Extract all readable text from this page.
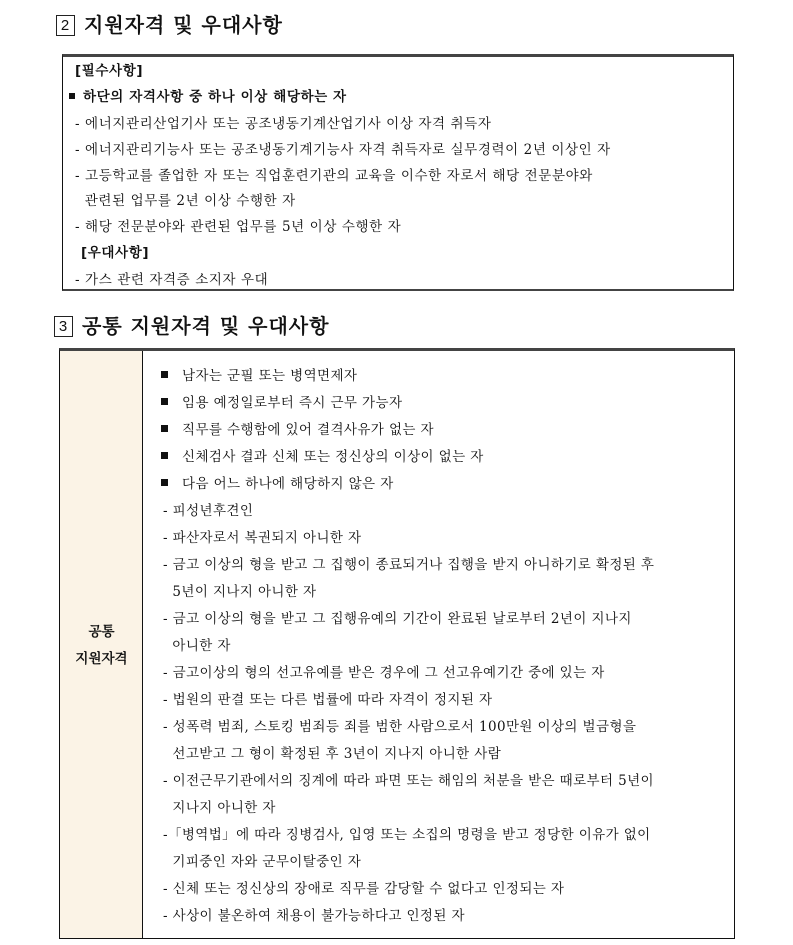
2 지원자격 및 우대사항
[필수사항]
하단의 자격사항 중 하나 이상 해당하는 자
- 에너지관리산업기사 또는 공조냉동기계산업기사 이상 자격 취득자
- 에너지관리기능사 또는 공조냉동기계기능사 자격 취득자로 실무경력이 2년 이상인 자
- 고등학교를 졸업한 자 또는 직업훈련기관의 교육을 이수한 자로서 해당 전문분야와
관련된 업무를 2년 이상 수행한 자
- 해당 전문분야와 관련된 업무를 5년 이상 수행한 자
[우대사항]
- 가스 관련 자격증 소지자 우대
3 공통 지원자격 및 우대사항
공통
지원자격
남자는 군필 또는 병역면제자
임용 예정일로부터 즉시 근무 가능자
직무를 수행함에 있어 결격사유가 없는 자
신체검사 결과 신체 또는 정신상의 이상이 없는 자
다음 어느 하나에 해당하지 않은 자
- 피성년후견인
- 파산자로서 복권되지 아니한 자
- 금고 이상의 형을 받고 그 집행이 종료되거나 집행을 받지 아니하기로 확정된 후
5년이 지나지 아니한 자
- 금고 이상의 형을 받고 그 집행유예의 기간이 완료된 날로부터 2년이 지나지
아니한 자
- 금고이상의 형의 선고유예를 받은 경우에 그 선고유예기간 중에 있는 자
- 법원의 판결 또는 다른 법률에 따라 자격이 정지된 자
- 성폭력 범죄, 스토킹 범죄등 죄를 범한 사람으로서 100만원 이상의 벌금형을
선고받고 그 형이 확정된 후 3년이 지나지 아니한 사람
- 이전근무기관에서의 징계에 따라 파면 또는 해임의 처분을 받은 때로부터 5년이
지나지 아니한 자
-「병역법」에 따라 징병검사, 입영 또는 소집의 명령을 받고 정당한 이유가 없이
기피중인 자와 군무이탈중인 자
- 신체 또는 정신상의 장애로 직무를 감당할 수 없다고 인정되는 자
- 사상이 불온하여 채용이 불가능하다고 인정된 자
